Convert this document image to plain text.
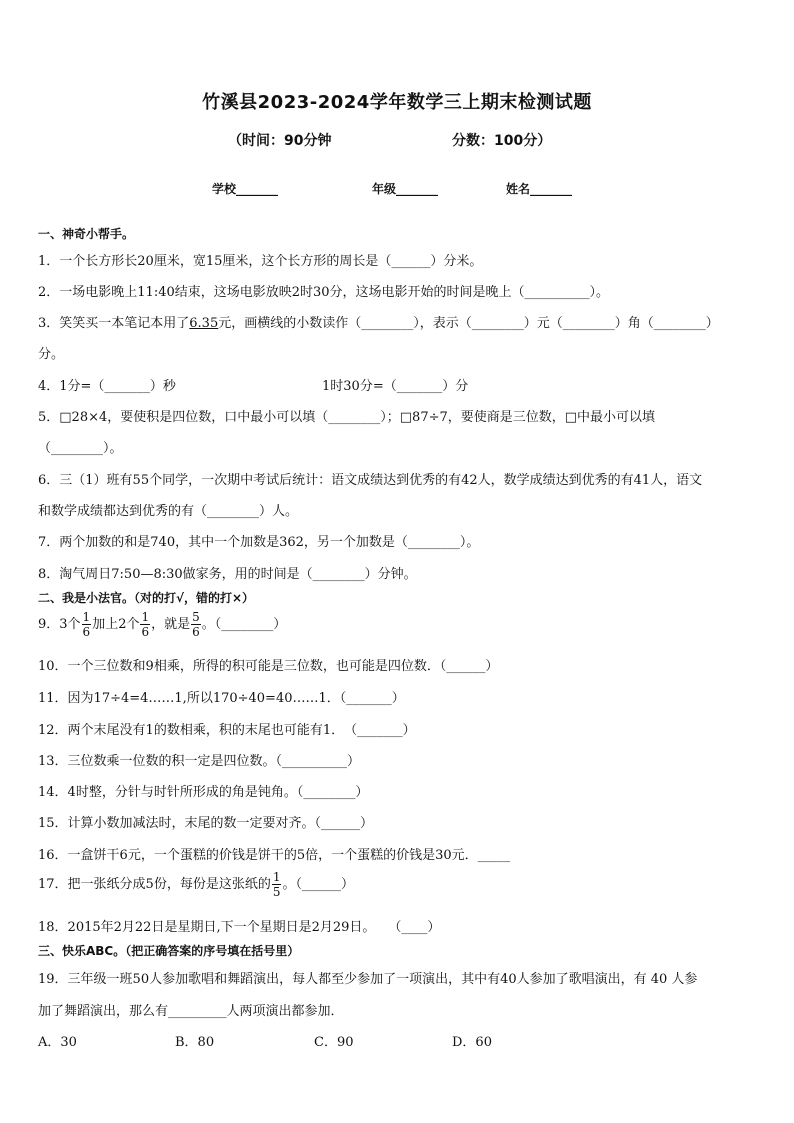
竹溪县2023-2024学年数学三上期末检测试题
（时间：90分钟	分数：100分）
学校_______	年级_______	姓名_______
一、神奇小帮手。
1．一个长方形长20厘米，宽15厘米，这个长方形的周长是（______）分米。
2．一场电影晚上11:40结束，这场电影放映2时30分，这场电影开始的时间是晚上（__________）。
3．笑笑买一本笔记本用了6.35元，画横线的小数读作（________），表示（________）元（________）角（________）
分。
4．1分=（_______）秒	1时30分=（_______）分
5．□28×4，要使积是四位数，口中最小可以填（________）；□87÷7，要使商是三位数，□中最小可以填
（________）。
6．三（1）班有55个同学，一次期中考试后统计：语文成绩达到优秀的有42人，数学成绩达到优秀的有41人，语文
和数学成绩都达到优秀的有（________）人。
7．两个加数的和是740，其中一个加数是362，另一个加数是（________）。
8．淘气周日7:50—8:30做家务，用的时间是（________）分钟。
二、我是小法官。（对的打√，错的打×）
9．3个 $\frac{1}{6}$ 加上2个 $\frac{1}{6}$ ，就是 $\frac{5}{6}$ 。（________）
10．一个三位数和9相乘，所得的积可能是三位数，也可能是四位数．（______）
11．因为17÷4=4……1,所以170÷40=40……1．（_______）
12．两个末尾没有1的数相乘，积的末尾也可能有1．　（_______）
13．三位数乘一位数的积一定是四位数。（__________）
14．4时整，分针与时针所形成的角是钝角。（________）
15．计算小数加减法时，末尾的数一定要对齐。（______）
16．一盒饼干6元，一个蛋糕的价钱是饼干的5倍，一个蛋糕的价钱是30元．_____
17．把一张纸分成5份，每份是这张纸的 $\frac{1}{5}$ 。（______）
18．2015年2月22日是星期日,下一个星期日是2月29日。　　（____）
三、快乐ABC。（把正确答案的序号填在括号里）
19．三年级一班50人参加歌唱和舞蹈演出，每人都至少参加了一项演出，其中有40人参加了歌唱演出，有 40 人参
加了舞蹈演出，那么有_________人两项演出都参加．
A．30	B．80	C．90	D．60
